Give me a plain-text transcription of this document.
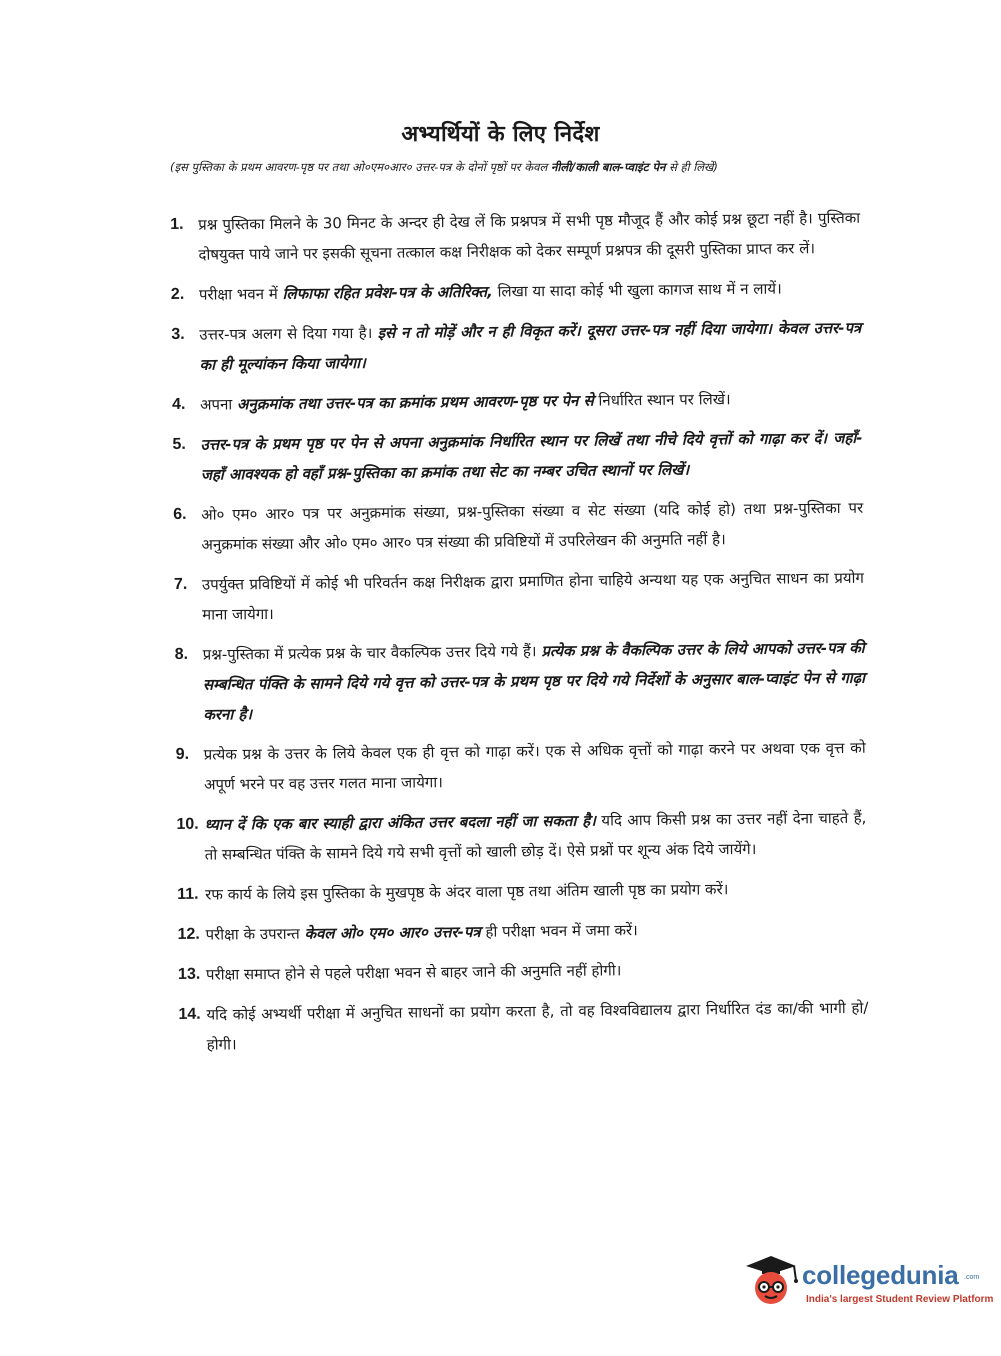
अभ्यर्थियों के लिए निर्देश
(इस पुस्तिका के प्रथम आवरण-पृष्ठ पर तथा ओ०एम०आर० उत्तर-पत्र के दोनों पृष्ठों पर केवल नीली/काली बाल-प्वाइंट पेन से ही लिखें)
1. प्रश्न पुस्तिका मिलने के 30 मिनट के अन्दर ही देख लें कि प्रश्नपत्र में सभी पृष्ठ मौजूद हैं और कोई प्रश्न छूटा नहीं है। पुस्तिका दोषयुक्त पाये जाने पर इसकी सूचना तत्काल कक्ष निरीक्षक को देकर सम्पूर्ण प्रश्नपत्र की दूसरी पुस्तिका प्राप्त कर लें।
2. परीक्षा भवन में लिफाफा रहित प्रवेश-पत्र के अतिरिक्त, लिखा या सादा कोई भी खुला कागज साथ में न लायें।
3. उत्तर-पत्र अलग से दिया गया है। इसे न तो मोड़ें और न ही विकृत करें। दूसरा उत्तर-पत्र नहीं दिया जायेगा। केवल उत्तर-पत्र का ही मूल्यांकन किया जायेगा।
4. अपना अनुक्रमांक तथा उत्तर-पत्र का क्रमांक प्रथम आवरण-पृष्ठ पर पेन से निर्धारित स्थान पर लिखें।
5. उत्तर-पत्र के प्रथम पृष्ठ पर पेन से अपना अनुक्रमांक निर्धारित स्थान पर लिखें तथा नीचे दिये वृत्तों को गाढ़ा कर दें। जहाँ-जहाँ आवश्यक हो वहाँ प्रश्न-पुस्तिका का क्रमांक तथा सेट का नम्बर उचित स्थानों पर लिखें।
6. ओ० एम० आर० पत्र पर अनुक्रमांक संख्या, प्रश्न-पुस्तिका संख्या व सेट संख्या (यदि कोई हो) तथा प्रश्न-पुस्तिका पर अनुक्रमांक संख्या और ओ० एम० आर० पत्र संख्या की प्रविष्टियों में उपरिलेखन की अनुमति नहीं है।
7. उपर्युक्त प्रविष्टियों में कोई भी परिवर्तन कक्ष निरीक्षक द्वारा प्रमाणित होना चाहिये अन्यथा यह एक अनुचित साधन का प्रयोग माना जायेगा।
8. प्रश्न-पुस्तिका में प्रत्येक प्रश्न के चार वैकल्पिक उत्तर दिये गये हैं। प्रत्येक प्रश्न के वैकल्पिक उत्तर के लिये आपको उत्तर-पत्र की सम्बन्धित पंक्ति के सामने दिये गये वृत्त को उत्तर-पत्र के प्रथम पृष्ठ पर दिये गये निर्देशों के अनुसार बाल-प्वाइंट पेन से गाढ़ा करना है।
9. प्रत्येक प्रश्न के उत्तर के लिये केवल एक ही वृत्त को गाढ़ा करें। एक से अधिक वृत्तों को गाढ़ा करने पर अथवा एक वृत्त को अपूर्ण भरने पर वह उत्तर गलत माना जायेगा।
10. ध्यान दें कि एक बार स्याही द्वारा अंकित उत्तर बदला नहीं जा सकता है। यदि आप किसी प्रश्न का उत्तर नहीं देना चाहते हैं, तो सम्बन्धित पंक्ति के सामने दिये गये सभी वृत्तों को खाली छोड़ दें। ऐसे प्रश्नों पर शून्य अंक दिये जायेंगे।
11. रफ कार्य के लिये इस पुस्तिका के मुखपृष्ठ के अंदर वाला पृष्ठ तथा अंतिम खाली पृष्ठ का प्रयोग करें।
12. परीक्षा के उपरान्त केवल ओ० एम० आर० उत्तर-पत्र ही परीक्षा भवन में जमा करें।
13. परीक्षा समाप्त होने से पहले परीक्षा भवन से बाहर जाने की अनुमति नहीं होगी।
14. यदि कोई अभ्यर्थी परीक्षा में अनुचित साधनों का प्रयोग करता है, तो वह विश्वविद्यालय द्वारा निर्धारित दंड का/की भागी हो/होगी।
collegedunia .com
India's largest Student Review Platform
